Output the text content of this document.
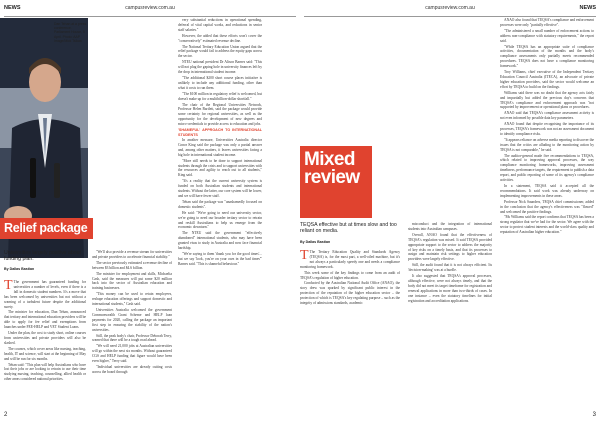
NEWS	campusreview.com.au
Dan Tehan at a press conference. Parliament House, 5 April. Photo: AAP Image/Mick Tsikas
Relief package
Universities largely positive about funding plan.
By Dallas Bastian

T The government has guaranteed funding for universities a number of levels, even if there is a fall in domestic student numbers. It's a move that has been welcomed by universities but not without a warning of a turbulent future despite the additional surety.

The minister for education, Dan Tehan, announced that tertiary and international education providers will be able to apply for fee relief and exemptions from launches under FEE-HELP and VET Student Loans.

Under the plan, the cost to study short, online courses from universities and private providers will also be slashed.

The courses, which cover areas like nursing, teaching, health, IT and science, will start at the beginning of May and will be run for six months.

Tehan said: "This plan will help Australians who have lost their jobs or are looking to retrain to use their time studying nursing, teaching, counselling, allied health or other areas considered national priorities.

"We'll also provide a revenue stream for universities and private providers to accelerate financial stability."

The sector previously estimated a revenue decline of between $3 billion and $4.6 billion.

The minister for employment and skills, Michaelia Cash, said the measures will put some $20 million back into the sector of Australian education and training businesses.

"This money can be used to retain employees, reshape education offerings and support domestic and international students," Cash said.

Universities Australia welcomed the government Commonwealth Grant Scheme and HELP loan payments for 2020, calling the package an important first step in ensuring the stability of the nation's universities.

Still, the peak body's chair, Professor Deborah Terry, warned that there will be a tough road ahead.

"We will need 21,000 jobs at Australian universities will go within the next six months. Without guaranteed CGS and HELP funding that figure would have been even higher," Terry said.

"Individual universities are already cutting costs across the board through

very substantial reductions in operational spending, deferral of vital capital works, and reductions in senior staff salaries."

However, the added that these efforts won't cover the "conservatively" estimated revenue decline.

The National Tertiary Education Union argued that the relief package would fail to address the equity gaps across the sector.

NTEU national president Dr Alison Barnes said: "This will not plug the gaping hole in university finances left by the drop in international student income.

"The additional $200 short course places initiative is unlikely to include any additional funding, other than what it costs to run them.

"The $100 million in regulatory relief is welcomed, but doesn't make up for a multibillion-dollar shortfall."

The chair of the Regional Universities Network, Professor Helen Bartlett, said the package would provide some certainty for regional universities, as well as the opportunity for the development of new degrees and micro-credentials to provide access to education and jobs.

'SHAMEFUL' APPROACH TO INTERNATIONAL STUDENTS

In another measure, Universities Australia director Conor King said the package was only a partial answer and, among other matters, it leaves universities facing a big hole in international student income.

"More still needs to be done to support international students through the crisis and to support universities with the resources and agility to reach out to all students," King said.

"It's a reality that the current university system is funded on both Australian students and international students. Without the latter, our core system will be lower, and we will have fewer staff.

Tehan said the package was "unashamedly focused on domestic students".

He said: "We're going to need our university sector, we're going to need our broader tertiary sector to retrain and reskill Australians to help us emerge from the economic downturn."

The NTEU said the government "effectively abandoned" international students, who may have been granted visas to study in Australia and now face financial hardship.

"We're saying to them 'thank you for the good times'... but we say 'look, you're on your own in the bad times'" Barnes said. "This is shameful behaviour."

2
campusreview.com.au	NEWS
Mixed review
TEQSA effective but at times slow and too reliant on media.
By Dallas Bastian

T The Tertiary Education Quality and Standards Agency (TEQSA) is, for the most part, a well-oiled machine, but it's not always a particularly speedy one and needs a compliance monitoring framework.

This week some of the key findings to come from an audit of TEQSA's regulation of higher education.

Conducted by the Australian National Audit Office (ANAO), the story drew was sparked by significant public interest in the protection of the reputation of the higher education sector – the protection of which is TEQSA's key regulating purpose – such as the integrity of admissions standards, academic

misconduct and the integration of international students into Australian campuses.

Overall, ANAO found that the effectiveness of TEQSA's regulation was mixed. It said TEQSA provided appropriate support to the sector to address the majority of key risks on a timely basis, and that its processes to assign and maintain risk settings to higher education providers were largely effective.

Still, the audit found that it is not always efficient. Its 'decision-making' was at a hurdle.

It also suggested that TEQSA's approval processes, although effective, were not always timely, and that the body did not meet its target timeframe for registration and renewal applications in more than two-thirds of cases. In one instance – even the statutory timelines for initial registration and accreditation applications.

ANAO also found that TEQSA's compliance and enforcement processes were only "partially effective".

"The administered a small number of enforcement actions to address non-compliance with statutory requirements," the report said.

"While TEQSA has an appropriate suite of compliance activities, documentation of the months and the body's compliance assessments only partially meets recommended procedures. TEQSA does not have a compliance monitoring framework."

Troy Williams, chief executive of the Independent Tertiary Education Council Australia (ITECA), an advocate of private higher education providers, said the sector would welcome an effort by TEQSA to build on the findings.

Williams said there was no doubt that the agency acts fairly and impartially but added the previous day's concerns that TEQSA's compliance and enforcement approach was "not supported by improvement or operational plans or procedures.

ANAO said that TEQSA's compliance assessment activity is not even informed by possible data key parameters.

ANAO found that despite recognising the importance of its processes, TEQSA's framework was not an assessment document to identify compliance risks.

"It appears reliance on adverse media reporting to discover the issues that the critics are alluding to the monitoring action by TEQSA is not comparable," he said.

The auditor-general made five recommendations to TEQSA, which related to improving approval processes, the way compliance monitoring frameworks, improving assessment timeliness, performance targets, the requirement to publish a data report, and public reporting of some of its agency's compliance activities.

In a statement, TEQSA said it accepted all the recommendations. It said work was already underway on implementing improvements in these areas.

Professor Nick Saunders, TEQSA chief commissioner, added in the conclusion that the agency's effectiveness was "flawed" and welcomed the positive findings.

"Ms Williams said the report confirms that TEQSA has been a strong regulator that we've had for the sector. We agree with the sector to protect student interests and the world-class quality and reputation of Australian higher education."

3
